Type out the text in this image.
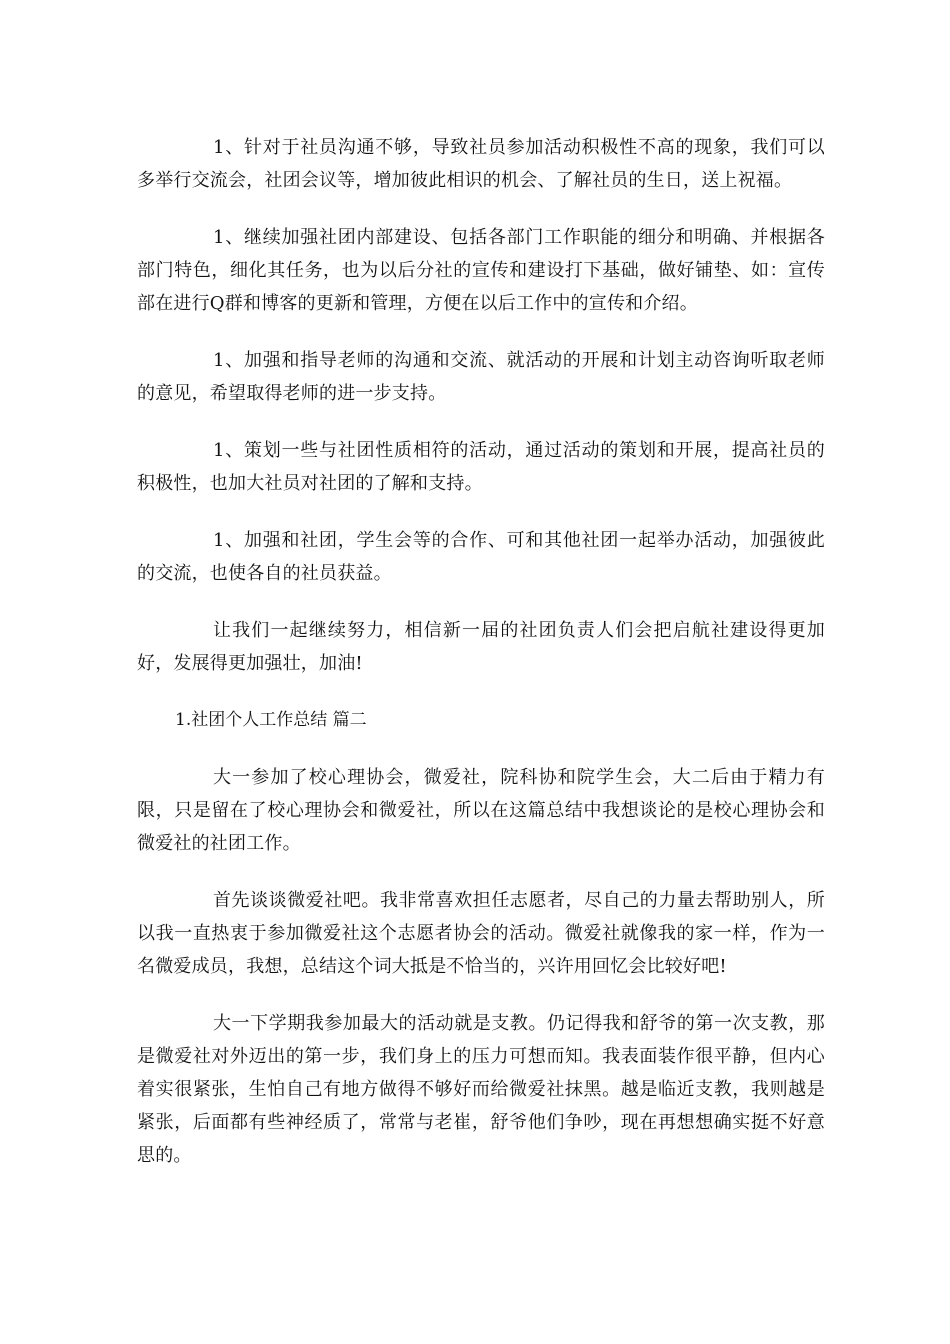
1、针对于社员沟通不够，导致社员参加活动积极性不高的现象，我们可以多举行交流会，社团会议等，增加彼此相识的机会、了解社员的生日，送上祝福。

1、继续加强社团内部建设、包括各部门工作职能的细分和明确、并根据各部门特色，细化其任务，也为以后分社的宣传和建设打下基础，做好铺垫、如：宣传部在进行Q群和博客的更新和管理，方便在以后工作中的宣传和介绍。

1、加强和指导老师的沟通和交流、就活动的开展和计划主动咨询听取老师的意见，希望取得老师的进一步支持。

1、策划一些与社团性质相符的活动，通过活动的策划和开展，提高社员的积极性，也加大社员对社团的了解和支持。

1、加强和社团，学生会等的合作、可和其他社团一起举办活动，加强彼此的交流，也使各自的社员获益。

让我们一起继续努力，相信新一届的社团负责人们会把启航社建设得更加好，发展得更加强壮，加油!

1.社团个人工作总结 篇二

大一参加了校心理协会，微爱社，院科协和院学生会，大二后由于精力有限，只是留在了校心理协会和微爱社，所以在这篇总结中我想谈论的是校心理协会和微爱社的社团工作。

首先谈谈微爱社吧。我非常喜欢担任志愿者，尽自己的力量去帮助别人，所以我一直热衷于参加微爱社这个志愿者协会的活动。微爱社就像我的家一样，作为一名微爱成员，我想，总结这个词大抵是不恰当的，兴许用回忆会比较好吧!

大一下学期我参加最大的活动就是支教。仍记得我和舒爷的第一次支教，那是微爱社对外迈出的第一步，我们身上的压力可想而知。我表面装作很平静，但内心着实很紧张，生怕自己有地方做得不够好而给微爱社抹黑。越是临近支教，我则越是紧张，后面都有些神经质了，常常与老崔，舒爷他们争吵，现在再想想确实挺不好意思的。
